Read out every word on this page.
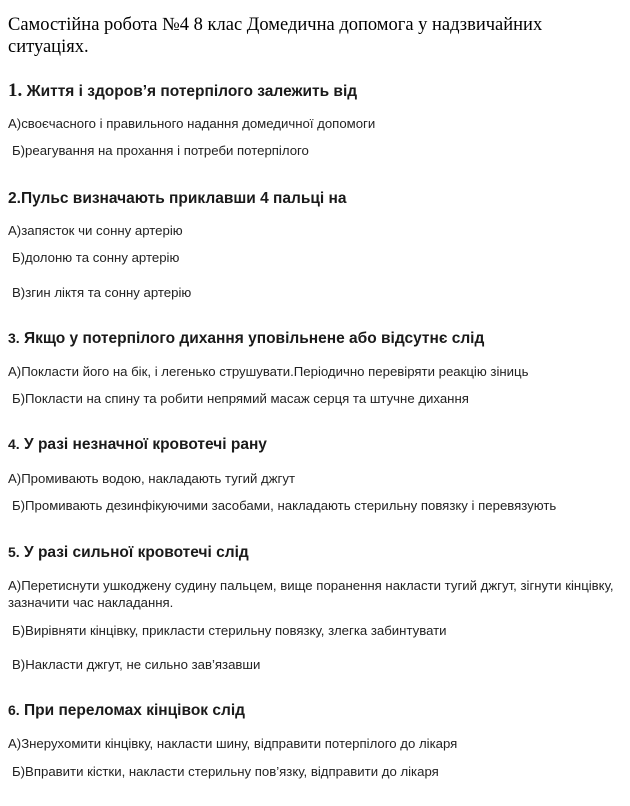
Самостійна робота №4 8 клас Домедична допомога у надзвичайних ситуаціях.
1. Життя і здоров’я потерпілого залежить від
А)своєчасного і правильного надання домедичної допомоги
Б)реагування на прохання і потреби потерпілого
2.Пульс визначають приклавши 4 пальці на
А)запясток чи сонну артерію
Б)долоню та сонну артерію
В)згин ліктя та сонну артерію
3. Якщо у потерпілого дихання уповільнене або відсутнє слід
А)Покласти його на бік, і легенько струшувати.Періодично перевіряти реакцію зіниць
Б)Покласти на спину та робити непрямий масаж серця та штучне дихання
4. У разі незначної кровотечі рану
А)Промивають водою, накладають тугий джгут
Б)Промивають дезинфікуючими засобами, накладають стерильну повязку і перевязують
5. У разі сильної кровотечі слід
А)Перетиснути ушкоджену судину пальцем, вище поранення накласти тугий джгут, зігнути кінцівку, зазначити час накладання.
Б)Вирівняти кінцівку, прикласти стерильну повязку, злегка забинтувати
В)Накласти джгут, не сильно зав’язавши
6. При переломах кінцівок слід
А)Знерухомити кінцівку, накласти шину, відправити потерпілого до лікаря
Б)Вправити кістки, накласти стерильну пов’язку, відправити до лікаря
